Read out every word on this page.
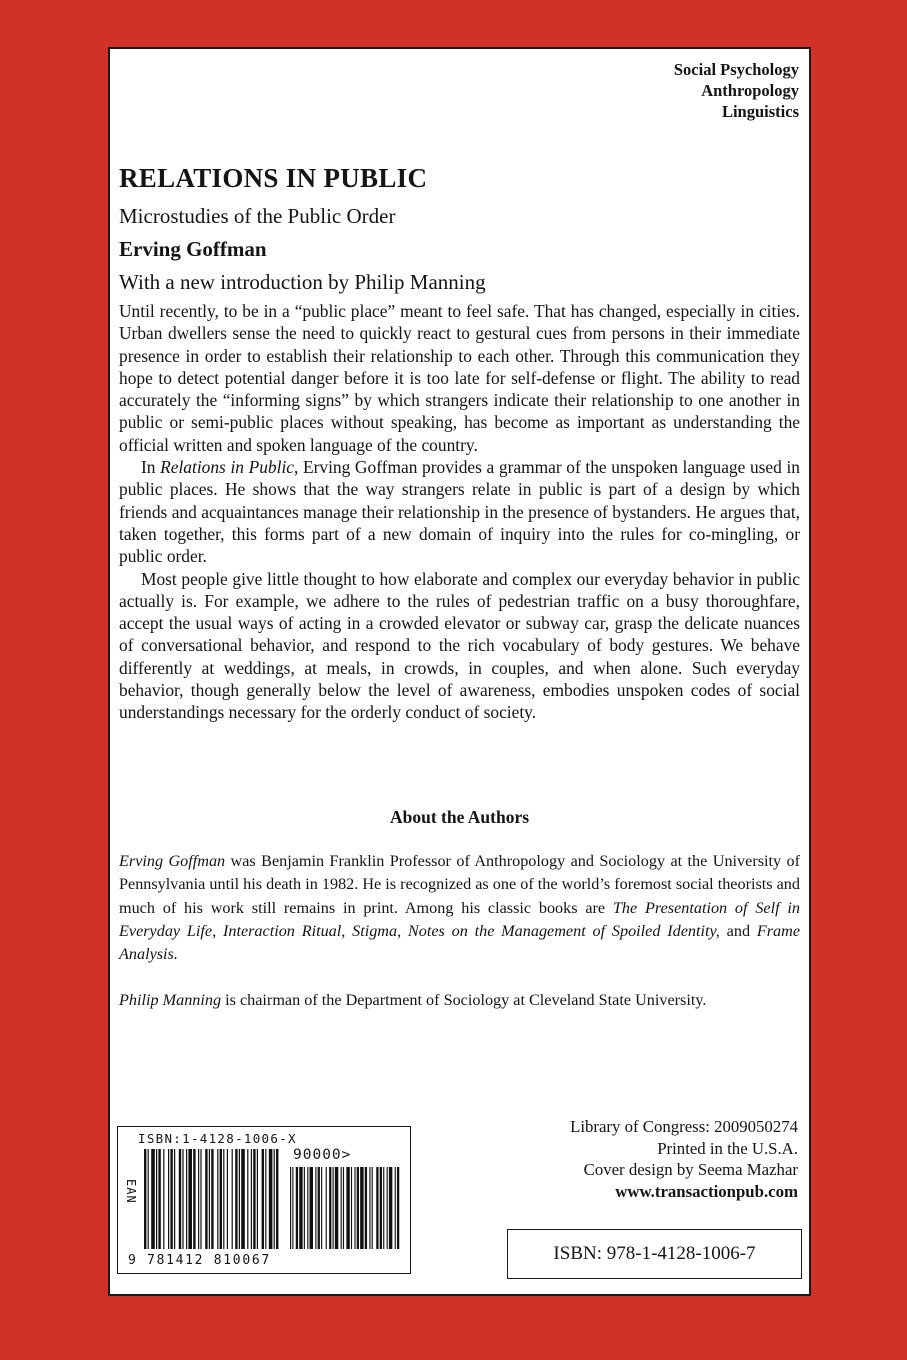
Social Psychology
Anthropology
Linguistics
RELATIONS IN PUBLIC
Microstudies of the Public Order
Erving Goffman
With a new introduction by Philip Manning

Until recently, to be in a “public place” meant to feel safe. That has changed, especially in cities. Urban dwellers sense the need to quickly react to gestural cues from persons in their immediate presence in order to establish their relationship to each other. Through this communication they hope to detect potential danger before it is too late for self-defense or flight. The ability to read accurately the “informing signs” by which strangers indicate their relationship to one another in public or semi-public places without speaking, has become as important as understanding the official written and spoken language of the country.

In Relations in Public, Erving Goffman provides a grammar of the unspoken language used in public places. He shows that the way strangers relate in public is part of a design by which friends and acquaintances manage their relationship in the presence of bystanders. He argues that, taken together, this forms part of a new domain of inquiry into the rules for co-mingling, or public order.

Most people give little thought to how elaborate and complex our everyday behavior in public actually is. For example, we adhere to the rules of pedestrian traffic on a busy thoroughfare, accept the usual ways of acting in a crowded elevator or subway car, grasp the delicate nuances of conversational behavior, and respond to the rich vocabulary of body gestures. We behave differently at weddings, at meals, in crowds, in couples, and when alone. Such everyday behavior, though generally below the level of awareness, embodies unspoken codes of social understandings necessary for the orderly conduct of society.

About the Authors

Erving Goffman was Benjamin Franklin Professor of Anthropology and Sociology at the University of Pennsylvania until his death in 1982. He is recognized as one of the world’s foremost social theorists and much of his work still remains in print. Among his classic books are The Presentation of Self in Everyday Life, Interaction Ritual, Stigma, Notes on the Management of Spoiled Identity, and Frame Analysis.

Philip Manning is chairman of the Department of Sociology at Cleveland State University.

ISBN:1-4128-1006-X
EAN
90000>
9 781412 810067
Library of Congress: 2009050274
Printed in the U.S.A.
Cover design by Seema Mazhar
www.transactionpub.com
ISBN: 978-1-4128-1006-7
